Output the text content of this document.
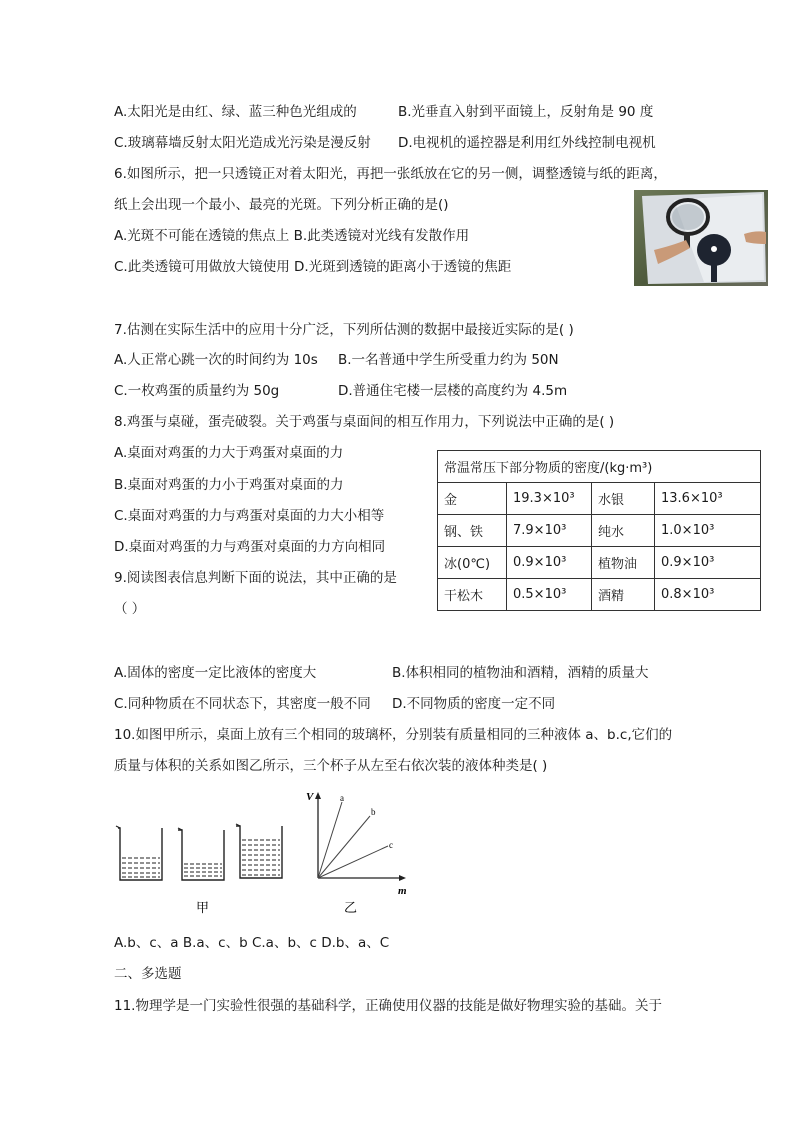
A.太阳光是由红、绿、蓝三种色光组成的	B.光垂直入射到平面镜上，反射角是 90 度
C.玻璃幕墙反射太阳光造成光污染是漫反射 D.电视机的遥控器是利用红外线控制电视机
6.如图所示，把一只透镜正对着太阳光，再把一张纸放在它的另一侧，调整透镜与纸的距离，
纸上会出现一个最小、最亮的光斑。下列分析正确的是()
A.光斑不可能在透镜的焦点上 B.此类透镜对光线有发散作用
C.此类透镜可用做放大镜使用 D.光斑到透镜的距离小于透镜的焦距
7.估测在实际生活中的应用十分广泛，下列所估测的数据中最接近实际的是( )
A.人正常心跳一次的时间约为 10s B.一名普通中学生所受重力约为 50N
C.一枚鸡蛋的质量约为 50g	D.普通住宅楼一层楼的高度约为 4.5m
8.鸡蛋与桌碰，蛋壳破裂。关于鸡蛋与桌面间的相互作用力，下列说法中正确的是( )
A.桌面对鸡蛋的力大于鸡蛋对桌面的力
B.桌面对鸡蛋的力小于鸡蛋对桌面的力
C.桌面对鸡蛋的力与鸡蛋对桌面的力大小相等
D.桌面对鸡蛋的力与鸡蛋对桌面的力方向相同
常温常压下部分物质的密度/(kg·m³)			
金	19.3×10³	水银	13.6×10³
钢、铁	7.9×10³	纯水	1.0×10³
冰(0℃)	0.9×10³	植物油	0.9×10³
干松木	0.5×10³	酒精	0.8×10³
9.阅读图表信息判断下面的说法，其中正确的是
（ ）
A.固体的密度一定比液体的密度大	B.体积相同的植物油和酒精，酒精的质量大
C.同种物质在不同状态下，其密度一般不同 D.不同物质的密度一定不同
10.如图甲所示，桌面上放有三个相同的玻璃杯，分别装有质量相同的三种液体 a、b.c,它们的
质量与体积的关系如图乙所示，三个杯子从左至右依次装的液体种类是( )
V
m
a
b
c
甲	乙
A.b、c、a B.a、c、b C.a、b、c D.b、a、C
二、多选题
11.物理学是一门实验性很强的基础科学，正确使用仪器的技能是做好物理实验的基础。关于
